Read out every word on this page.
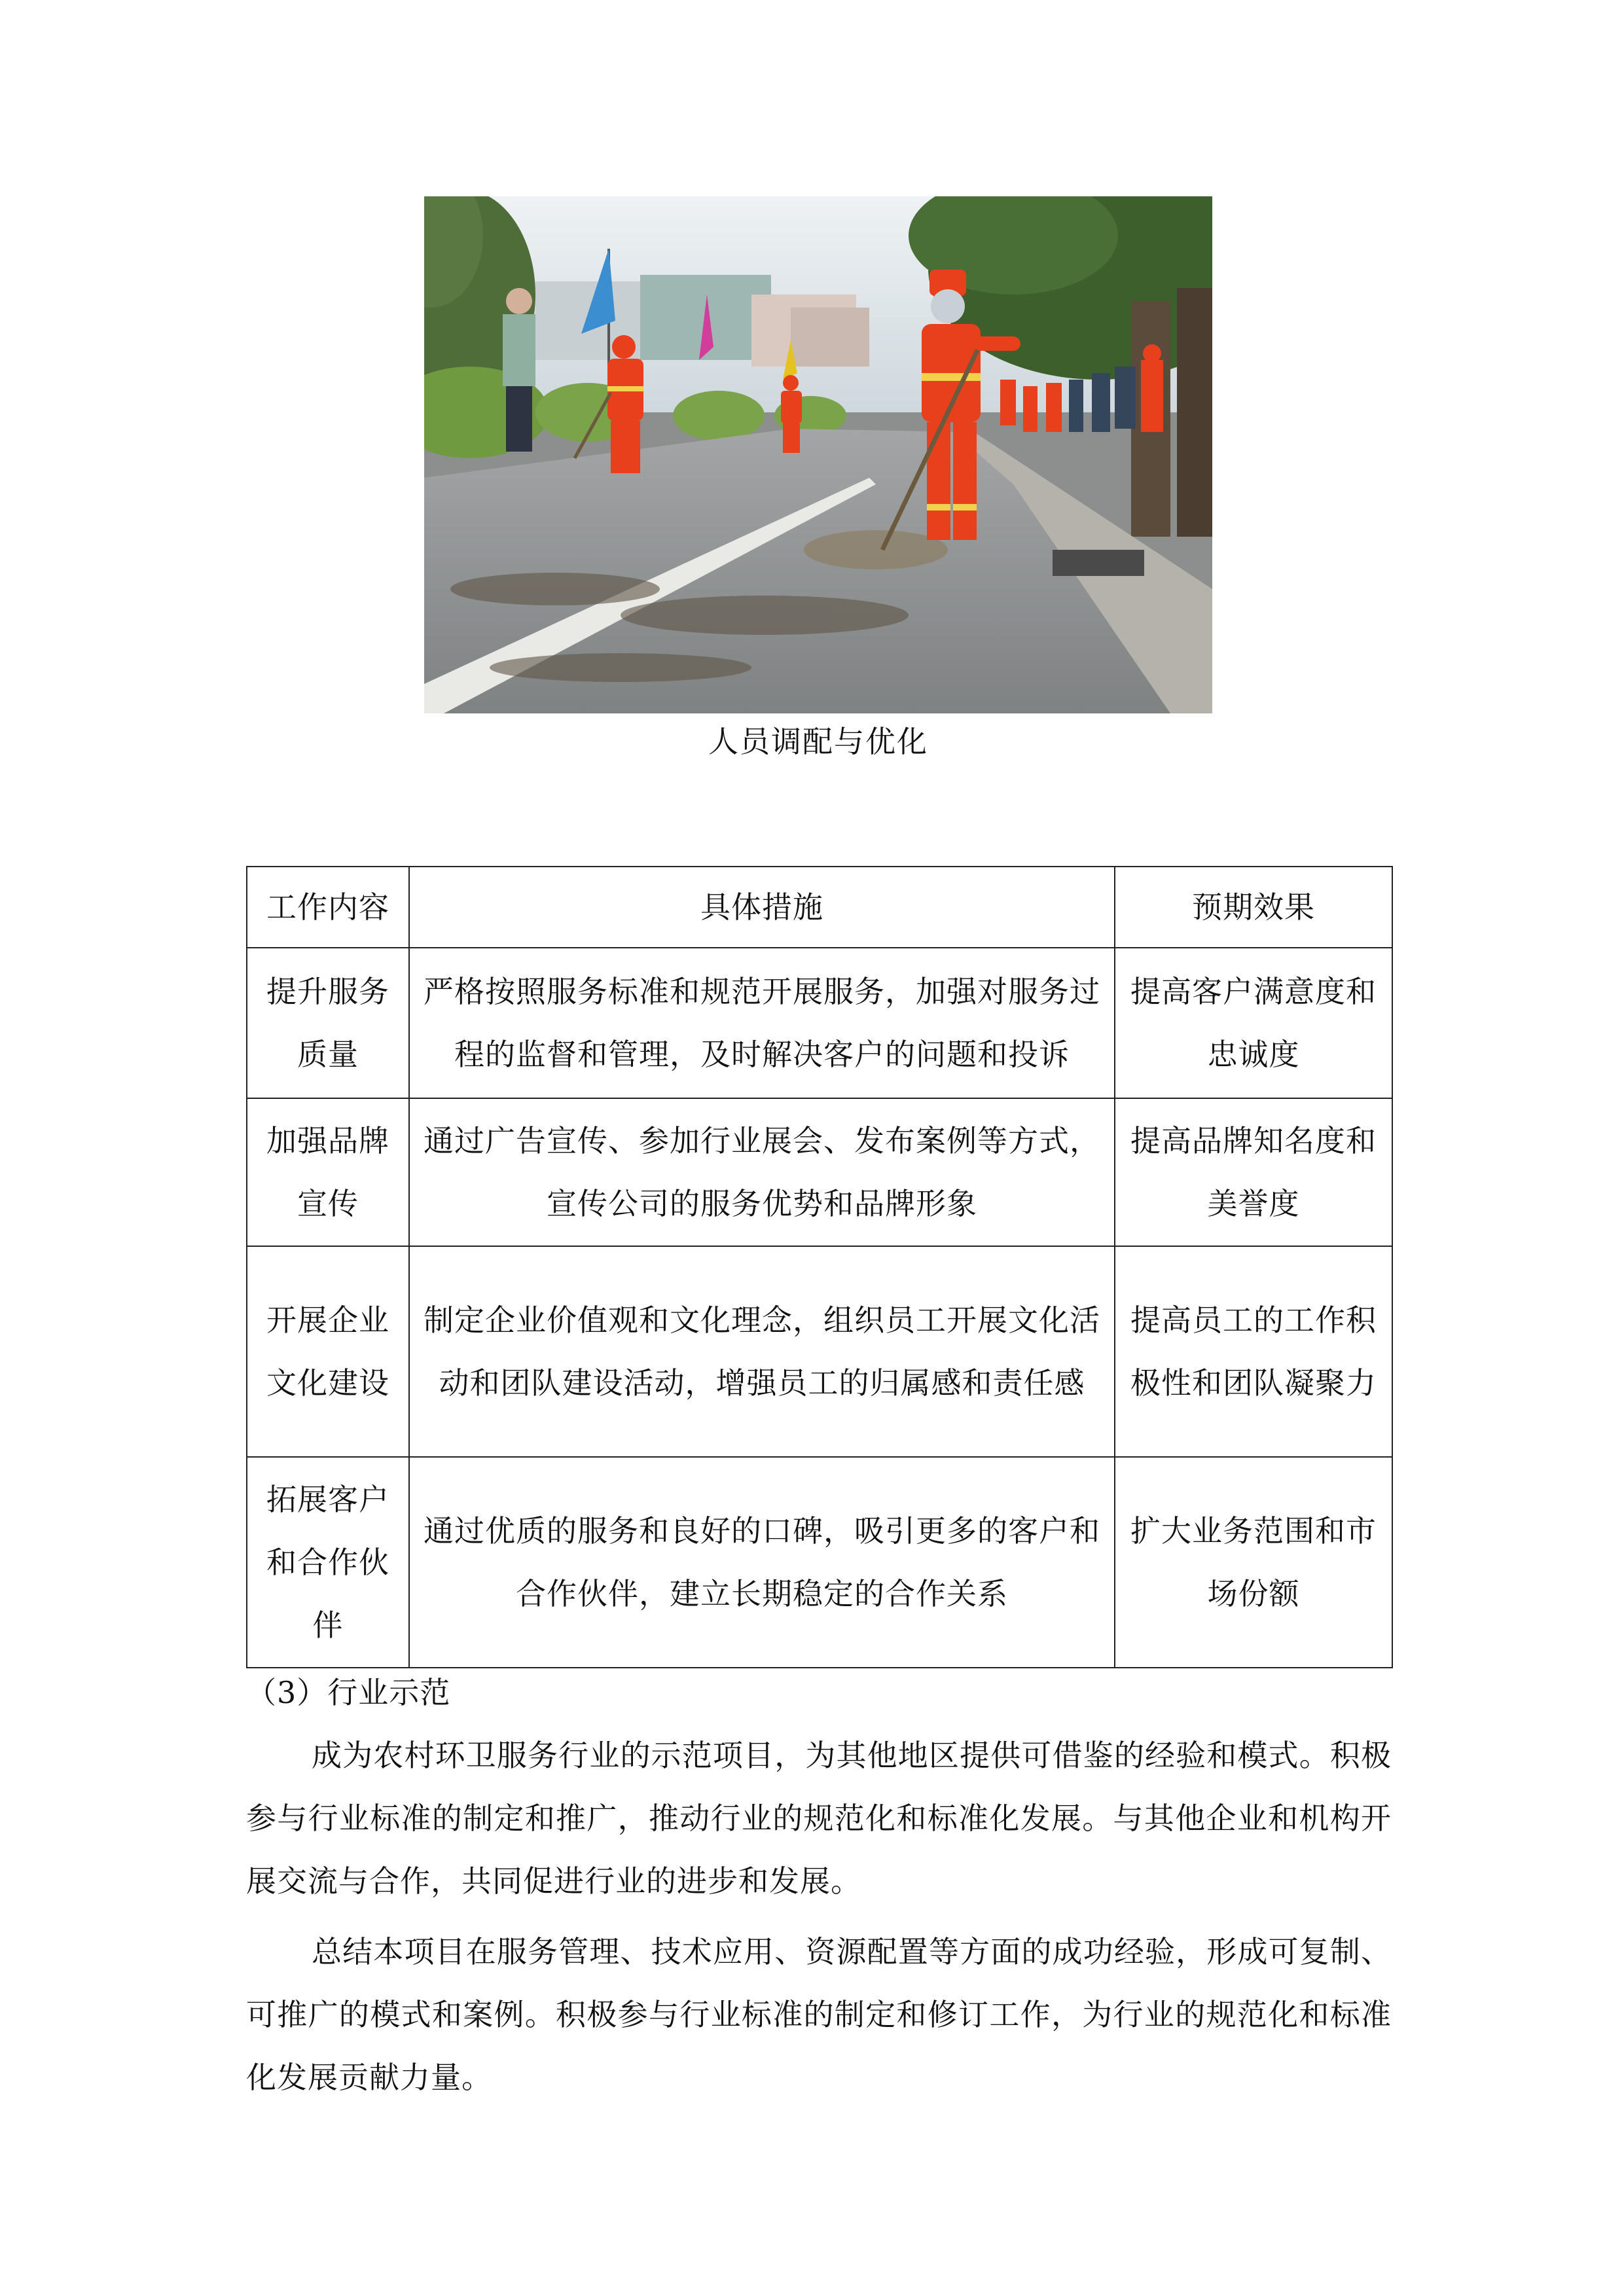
人员调配与优化
工作内容	具体措施	预期效果
提升服务质量	严格按照服务标准和规范开展服务，加强对服务过程的监督和管理，及时解决客户的问题和投诉	提高客户满意度和忠诚度
加强品牌宣传	通过广告宣传、参加行业展会、发布案例等方式，宣传公司的服务优势和品牌形象	提高品牌知名度和美誉度
开展企业文化建设	制定企业价值观和文化理念，组织员工开展文化活动和团队建设活动，增强员工的归属感和责任感	提高员工的工作积极性和团队凝聚力
拓展客户和合作伙伴	通过优质的服务和良好的口碑，吸引更多的客户和合作伙伴，建立长期稳定的合作关系	扩大业务范围和市场份额
（3）行业示范
成为农村环卫服务行业的示范项目，为其他地区提供可借鉴的经验和模式。积极参与行业标准的制定和推广，推动行业的规范化和标准化发展。与其他企业和机构开展交流与合作，共同促进行业的进步和发展。
总结本项目在服务管理、技术应用、资源配置等方面的成功经验，形成可复制、可推广的模式和案例。积极参与行业标准的制定和修订工作，为行业的规范化和标准化发展贡献力量。
